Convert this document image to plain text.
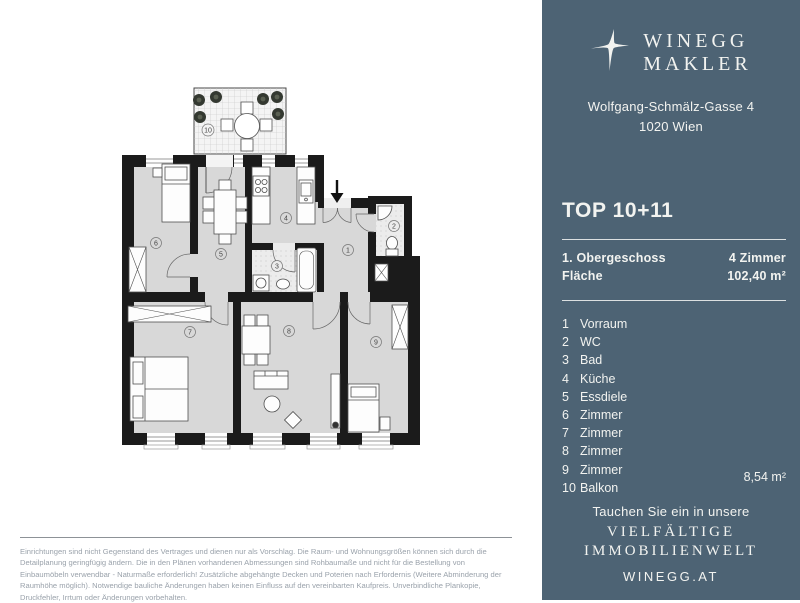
1
2
3
4
5
6
7	8
9
10
WINEGG
MAKLER
Wolfgang-Schmälz-Gasse 4
1020 Wien
TOP 10+11
1. Obergeschoss	4 Zimmer
Fläche	102,40 m²
1 Vorraum
2 WC
3 Bad
4 Küche
5 Essdiele
6 Zimmer
7 Zimmer
8 Zimmer
9 Zimmer
10 Balkon
8,54 m²
Tauchen Sie ein in unsere
VIELFÄLTIGE
IMMOBILIENWELT
WINEGG.AT
Einrichtungen sind nicht Gegenstand des Vertrages und dienen nur als Vorschlag. Die Raum- und Wohnungsgrößen können sich durch die Detailplanung geringfügig ändern. Die in den Plänen vorhandenen Abmessungen sind Rohbaumaße und nicht für die Bestellung von Einbaumöbeln verwendbar - Naturmaße erforderlich! Zusätzliche abgehängte Decken und Poterien nach Erfordernis (Weitere Abminderung der Raumhöhe möglich). Notwendige bauliche Änderungen haben keinen Einfluss auf den vereinbarten Kaufpreis. Unverbindliche Plankopie, Druckfehler, Irrtum oder Änderungen vorbehalten.
